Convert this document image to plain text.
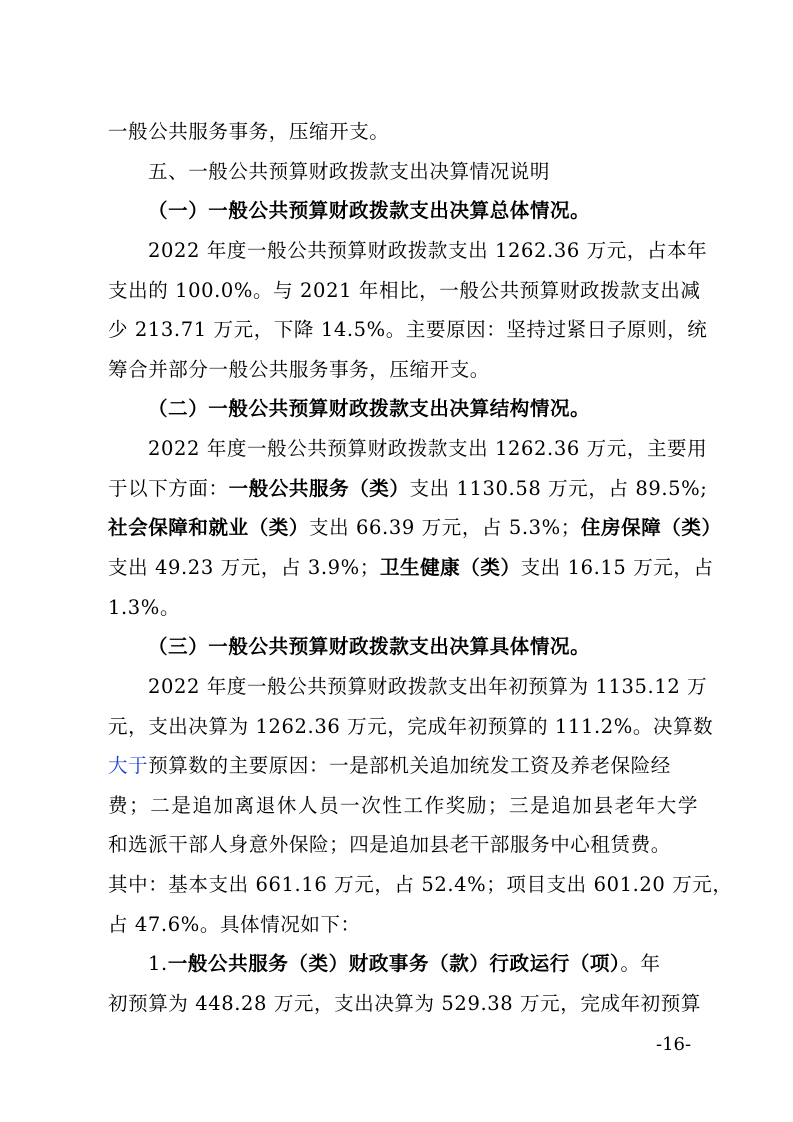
一般公共服务事务，压缩开支。
五、一般公共预算财政拨款支出决算情况说明
（一）一般公共预算财政拨款支出决算总体情况。
2022 年度一般公共预算财政拨款支出 1262.36 万元，占本年
支出的 100.0%。与 2021 年相比，一般公共预算财政拨款支出减
少 213.71 万元，下降 14.5%。主要原因：坚持过紧日子原则，统
筹合并部分一般公共服务事务，压缩开支。
（二）一般公共预算财政拨款支出决算结构情况。
2022 年度一般公共预算财政拨款支出 1262.36 万元，主要用
于以下方面：一般公共服务（类）支出 1130.58 万元，占 89.5%;
社会保障和就业（类）支出 66.39 万元，占 5.3%；住房保障（类）
支出 49.23 万元，占 3.9%；卫生健康（类）支出 16.15 万元，占
1.3%。
（三）一般公共预算财政拨款支出决算具体情况。
2022 年度一般公共预算财政拨款支出年初预算为 1135.12 万
元，支出决算为 1262.36 万元，完成年初预算的 111.2%。决算数
大于预算数的主要原因：一是部机关追加统发工资及养老保险经
费；二是追加离退休人员一次性工作奖励；三是追加县老年大学
和选派干部人身意外保险；四是追加县老干部服务中心租赁费。
其中：基本支出 661.16 万元，占 52.4%；项目支出 601.20 万元，
占 47.6%。具体情况如下：
1.一般公共服务（类）财政事务（款）行政运行（项）。年
初预算为 448.28 万元，支出决算为 529.38 万元，完成年初预算
-16-
